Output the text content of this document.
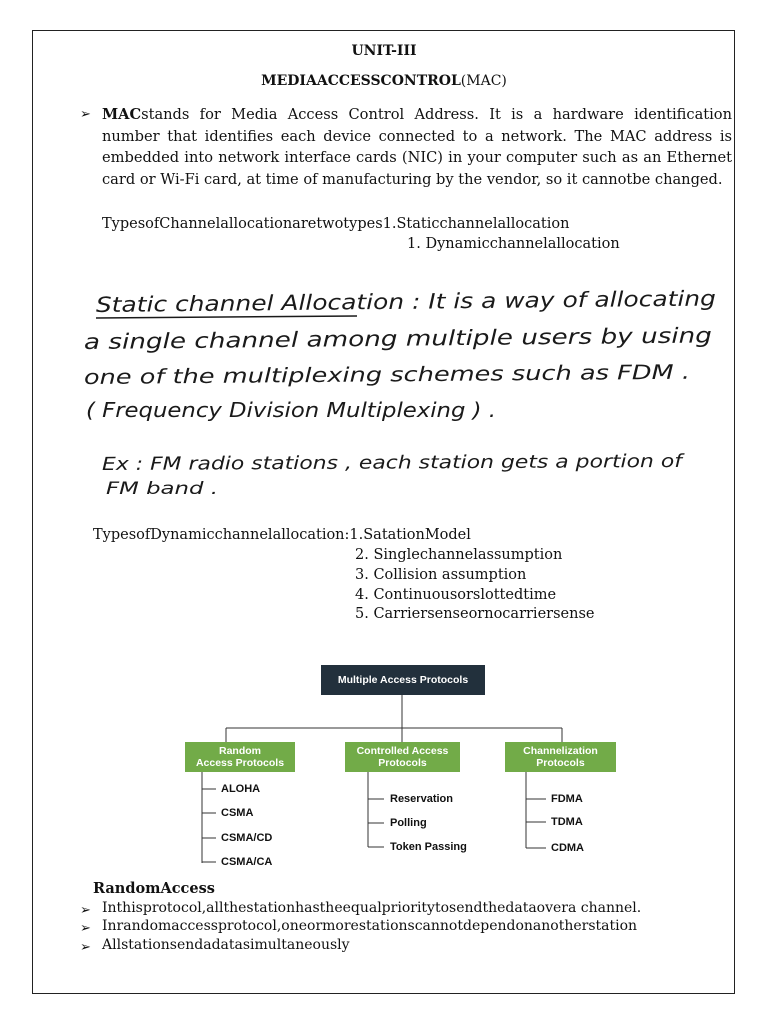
UNIT-III
MEDIAACCESSCONTROL(MAC)
➢ MACstands for Media Access Control Address. It is a hardware identification number that identifies each device connected to a network. The MAC address is embedded into network interface cards (NIC) in your computer such as an Ethernet card or Wi-Fi card, at time of manufacturing by the vendor, so it cannotbe changed.
TypesofChannelallocationaretwotypes1.Staticchannelallocation
1. Dynamicchannelallocation
Static channel Allocation : It is a way of allocating
a single channel among multiple users by using
one of the multiplexing schemes such as FDM .
( Frequency Division Multiplexing ) .
Ex : FM radio stations , each station gets a portion of
FM band .
TypesofDynamicchannelallocation:1.SatationModel
2. Singlechannelassumption
3. Collision assumption
4. Continuousorslottedtime
5. Carriersenseornocarriersense
Multiple Access Protocols
Random
Access Protocols
Controlled Access
Protocols
Channelization
Protocols
ALOHA
CSMA
CSMA/CD
CSMA/CA
Reservation
Polling
Token Passing
FDMA
TDMA
CDMA
RandomAccess
➢ Inthisprotocol,allthestationhastheequalprioritytosendthedataovera channel.
➢ Inrandomaccessprotocol,oneormorestationscannotdependonanotherstation
➢ Allstationsendadatasimultaneously
